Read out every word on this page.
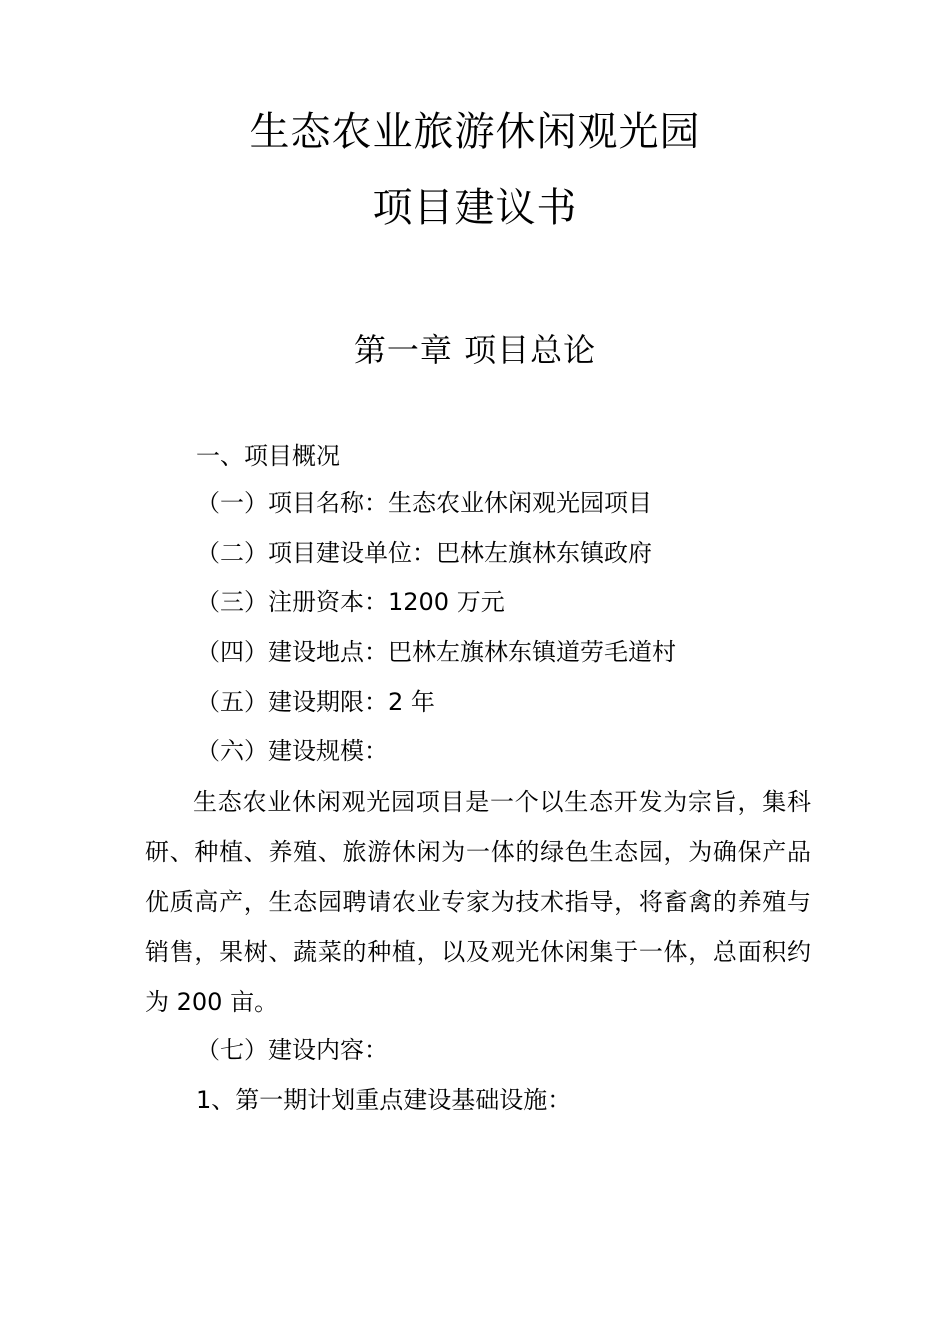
生态农业旅游休闲观光园
项目建议书
第一章 项目总论
一、项目概况
（一）项目名称：生态农业休闲观光园项目
（二）项目建设单位：巴林左旗林东镇政府
（三）注册资本：1200 万元
（四）建设地点：巴林左旗林东镇道劳毛道村
（五）建设期限：2 年
（六）建设规模：

生态农业休闲观光园项目是一个以生态开发为宗旨，集科研、种植、养殖、旅游休闲为一体的绿色生态园，为确保产品优质高产，生态园聘请农业专家为技术指导，将畜禽的养殖与销售，果树、蔬菜的种植，以及观光休闲集于一体，总面积约为 200 亩。

（七）建设内容：
1、第一期计划重点建设基础设施：
